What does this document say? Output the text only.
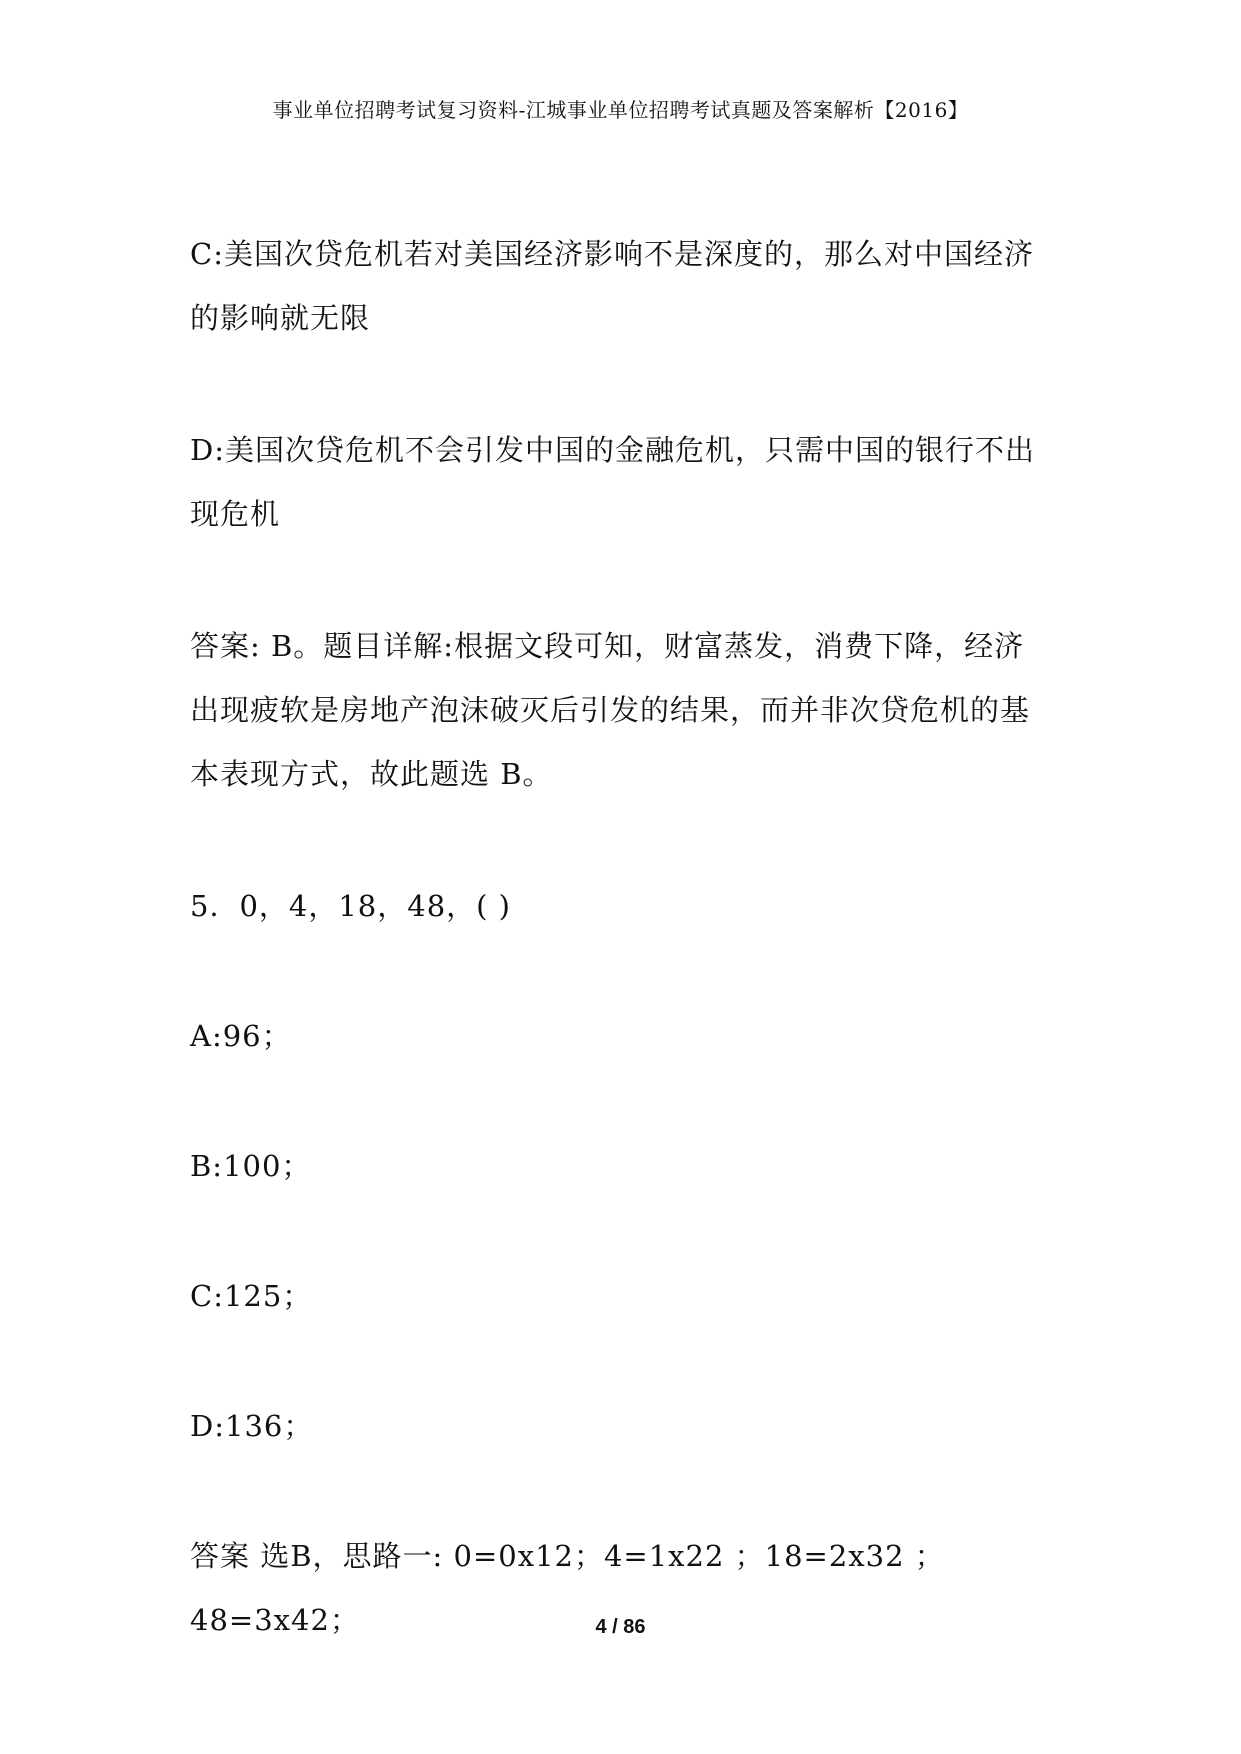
事业单位招聘考试复习资料-江城事业单位招聘考试真题及答案解析【2016】
C:美国次贷危机若对美国经济影响不是深度的，那么对中国经济
的影响就无限
D:美国次贷危机不会引发中国的金融危机，只需中国的银行不出
现危机
答案: B。题目详解:根据文段可知，财富蒸发，消费下降，经济
出现疲软是房地产泡沫破灭后引发的结果，而并非次贷危机的基
本表现方式，故此题选 B。
5．0，4，18，48，( )
A:96；
B:100；
C:125；
D:136；
答案 选B，思路一: 0=0x12；4=1x22 ；18=2x32 ；48=3x42；	4 / 86
